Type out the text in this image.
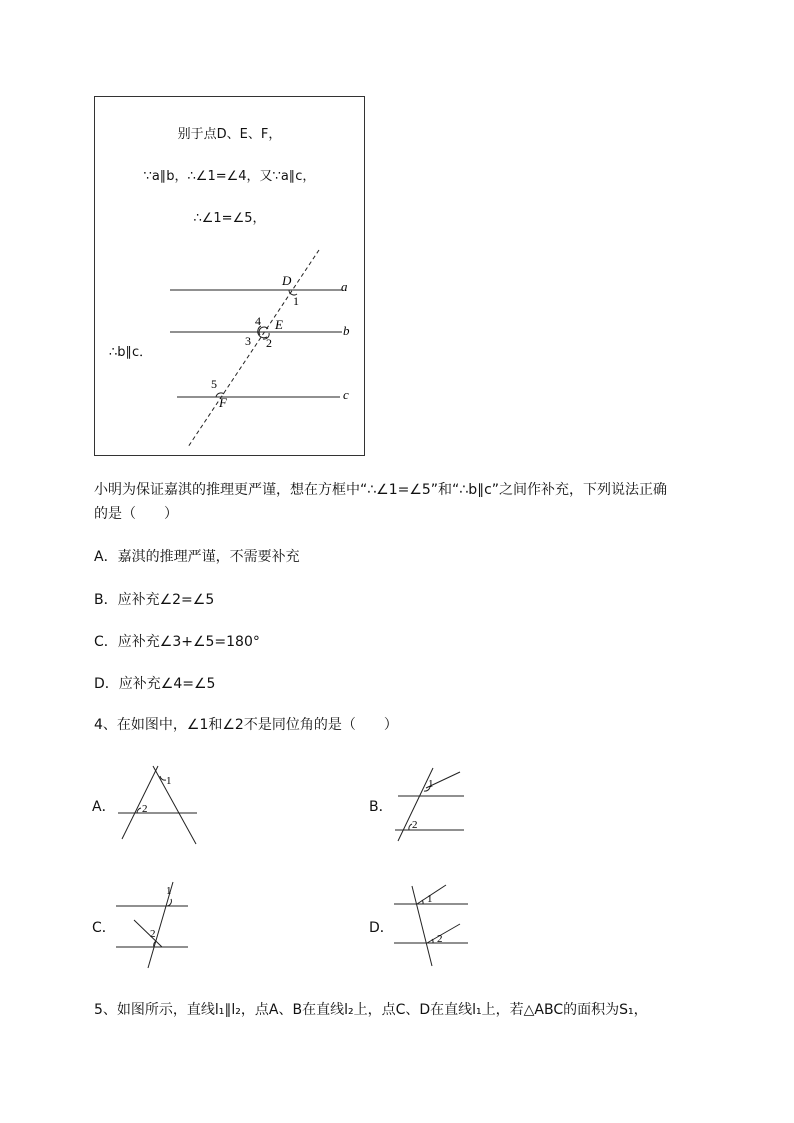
别于点D、E、F，
∵a∥b，∴∠1=∠4，又∵a∥c，
∴∠1=∠5，
∴b∥c．
D
1
a
4 E	b
3 2
5
F
c
小明为保证嘉淇的推理更严谨，想在方框中“∴∠1=∠5”和“∴b∥c”之间作补充，下列说法正确
的是（　　）
A．嘉淇的推理严谨，不需要补充
B．应补充∠2=∠5
C．应补充∠3+∠5=180°
D．应补充∠4=∠5
4、在如图中，∠1和∠2不是同位角的是（　　）
A．
1
2	B．
1
2
C．
1
2	D．
1
2
5、如图所示，直线l₁∥l₂，点A、B在直线l₂上，点C、D在直线l₁上，若△ABC的面积为S₁，
